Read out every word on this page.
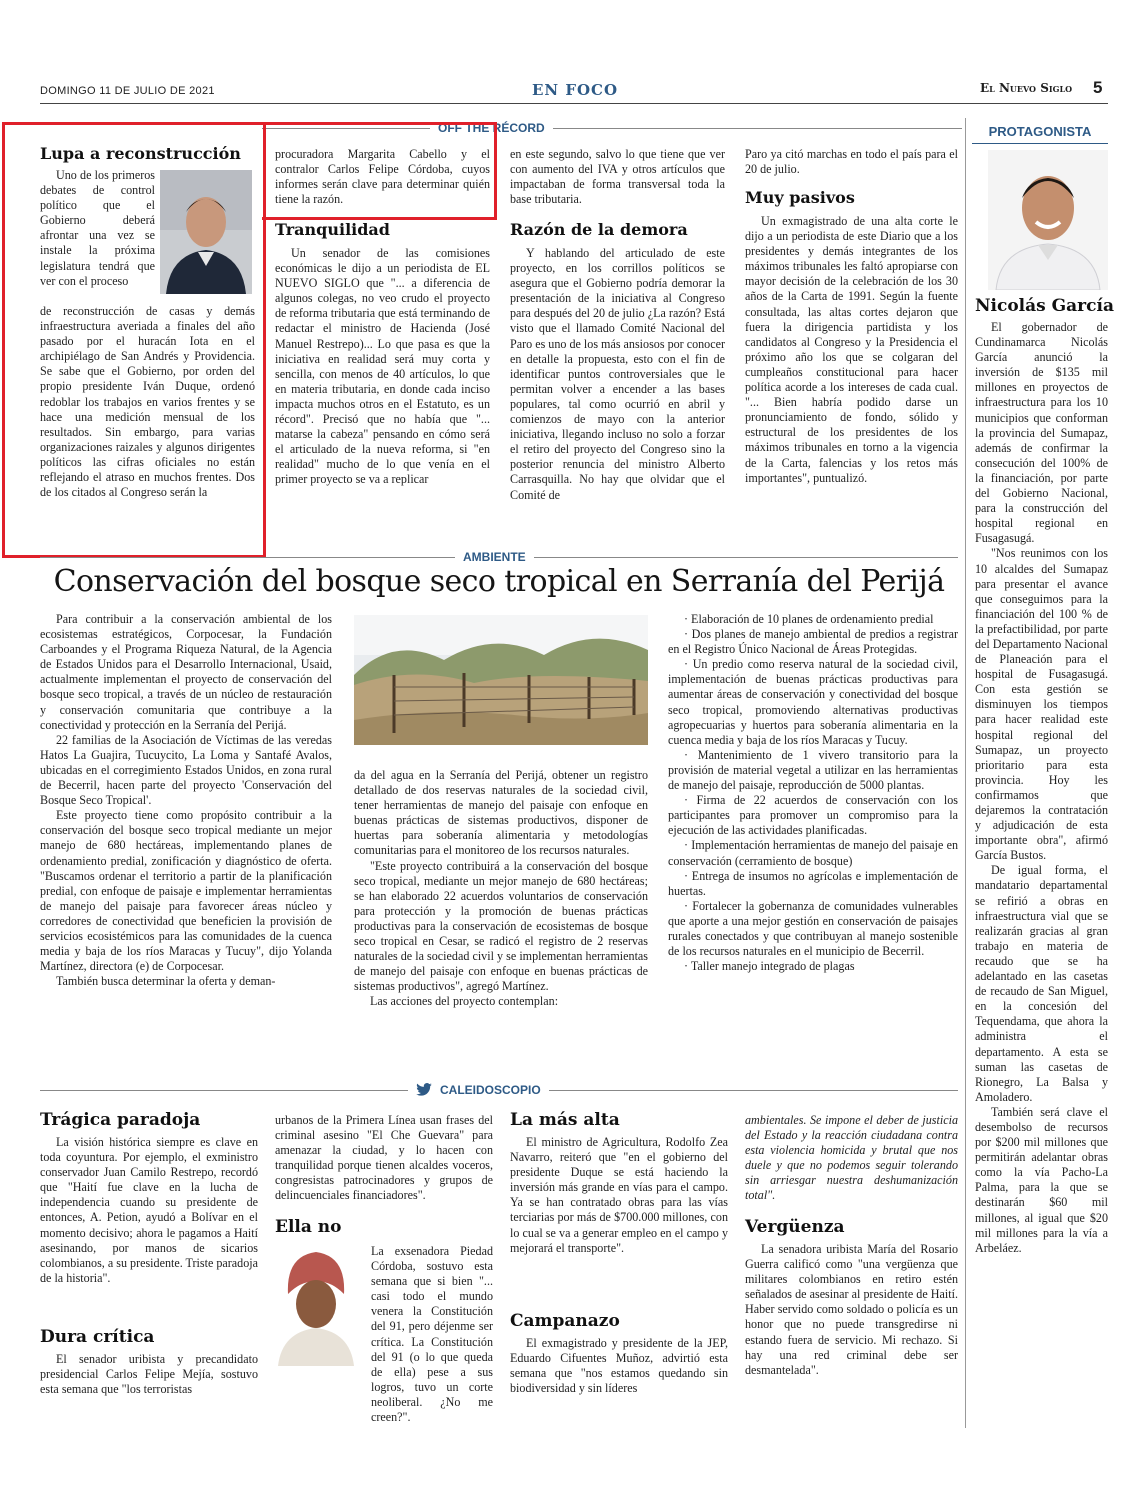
DOMINGO 11 DE JULIO DE 2021	EN FOCO	El Nuevo Siglo 5
OFF THE RÉCORD
Lupa a reconstrucción

Uno de los primeros debates de control político que el Gobierno deberá afrontar una vez se instale la próxima legislatura tendrá que ver con el proceso

de reconstrucción de casas y demás infraestructura averiada a finales del año pasado por el huracán Iota en el archipiélago de San Andrés y Providencia. Se sabe que el Gobierno, por orden del propio presidente Iván Duque, ordenó redoblar los trabajos en varios frentes y se hace una medición mensual de los resultados. Sin embargo, para varias organizaciones raizales y algunos dirigentes políticos las cifras oficiales no están reflejando el atraso en muchos frentes. Dos de los citados al Congreso serán la

procuradora Margarita Cabello y el contralor Carlos Felipe Córdoba, cuyos informes serán clave para determinar quién tiene la razón.

Tranquilidad

Un senador de las comisiones económicas le dijo a un periodista de EL NUEVO SIGLO que "... a diferencia de algunos colegas, no veo crudo el proyecto de reforma tributaria que está terminando de redactar el ministro de Hacienda (José Manuel Restrepo)... Lo que pasa es que la iniciativa en realidad será muy corta y sencilla, con menos de 40 artículos, lo que en materia tributaria, en donde cada inciso impacta muchos otros en el Estatuto, es un récord". Precisó que no había que "... matarse la cabeza" pensando en cómo será el articulado de la nueva reforma, si "en realidad" mucho de lo que venía en el primer proyecto se va a replicar

en este segundo, salvo lo que tiene que ver con aumento del IVA y otros artículos que impactaban de forma transversal toda la base tributaria.

Razón de la demora

Y hablando del articulado de este proyecto, en los corrillos políticos se asegura que el Gobierno podría demorar la presentación de la iniciativa al Congreso para después del 20 de julio ¿La razón? Está visto que el llamado Comité Nacional del Paro es uno de los más ansiosos por conocer en detalle la propuesta, esto con el fin de identificar puntos controversiales que le permitan volver a encender a las bases populares, tal como ocurrió en abril y comienzos de mayo con la anterior iniciativa, llegando incluso no solo a forzar el retiro del proyecto del Congreso sino la posterior renuncia del ministro Alberto Carrasquilla. No hay que olvidar que el Comité de

Paro ya citó marchas en todo el país para el 20 de julio.

Muy pasivos

Un exmagistrado de una alta corte le dijo a un periodista de este Diario que a los presidentes y demás integrantes de los máximos tribunales les faltó apropiarse con mayor decisión de la celebración de los 30 años de la Carta de 1991. Según la fuente consultada, las altas cortes dejaron que fuera la dirigencia partidista y los candidatos al Congreso y la Presidencia el próximo año los que se colgaran del cumpleaños constitucional para hacer política acorde a los intereses de cada cual. "... Bien habría podido darse un pronunciamiento de fondo, sólido y estructural de los presidentes de los máximos tribunales en torno a la vigencia de la Carta, falencias y los retos más importantes", puntualizó.

PROTAGONISTA
Nicolás García

El gobernador de Cundinamarca Nicolás García anunció la inversión de $135 mil millones en proyectos de infraestructura para los 10 municipios que conforman la provincia del Sumapaz, además de confirmar la consecución del 100% de la financiación, por parte del Gobierno Nacional, para la construcción del hospital regional en Fusagasugá.

"Nos reunimos con los 10 alcaldes del Sumapaz para presentar el avance que conseguimos para la financiación del 100 % de la prefactibilidad, por parte del Departamento Nacional de Planeación para el hospital de Fusagasugá. Con esta gestión se disminuyen los tiempos para hacer realidad este hospital regional del Sumapaz, un proyecto prioritario para esta provincia. Hoy les confirmamos que dejaremos la contratación y adjudicación de esta importante obra", afirmó García Bustos.

De igual forma, el mandatario departamental se refirió a obras en infraestructura vial que se realizarán gracias al gran trabajo en materia de recaudo que se ha adelantado en las casetas de recaudo de San Miguel, en la concesión del Tequendama, que ahora la administra el departamento. A esta se suman las casetas de Rionegro, La Balsa y Amoladero.

También será clave el desembolso de recursos por $200 mil millones que permitirán adelantar obras como la vía Pacho-La Palma, para la que se destinarán $60 mil millones, al igual que $20 mil millones para la vía a Arbeláez.

AMBIENTE
Conservación del bosque seco tropical en Serranía del Perijá

Para contribuir a la conservación ambiental de los ecosistemas estratégicos, Corpocesar, la Fundación Carboandes y el Programa Riqueza Natural, de la Agencia de Estados Unidos para el Desarrollo Internacional, Usaid, actualmente implementan el proyecto de conservación del bosque seco tropical, a través de un núcleo de restauración y conservación comunitaria que contribuye a la conectividad y protección en la Serranía del Perijá.

22 familias de la Asociación de Víctimas de las veredas Hatos La Guajira, Tucuycito, La Loma y Santafé Avalos, ubicadas en el corregimiento Estados Unidos, en zona rural de Becerril, hacen parte del proyecto 'Conservación del Bosque Seco Tropical'.

Este proyecto tiene como propósito contribuir a la conservación del bosque seco tropical mediante un mejor manejo de 680 hectáreas, implementando planes de ordenamiento predial, zonificación y diagnóstico de oferta. "Buscamos ordenar el territorio a partir de la planificación predial, con enfoque de paisaje e implementar herramientas de manejo del paisaje para favorecer áreas núcleo y corredores de conectividad que beneficien la provisión de servicios ecosistémicos para las comunidades de la cuenca media y baja de los ríos Maracas y Tucuy", dijo Yolanda Martínez, directora (e) de Corpocesar.

También busca determinar la oferta y deman-

da del agua en la Serranía del Perijá, obtener un registro detallado de dos reservas naturales de la sociedad civil, tener herramientas de manejo del paisaje con enfoque en buenas prácticas de sistemas productivos, disponer de huertas para soberanía alimentaria y metodologías comunitarias para el monitoreo de los recursos naturales.

"Este proyecto contribuirá a la conservación del bosque seco tropical, mediante un mejor manejo de 680 hectáreas; se han elaborado 22 acuerdos voluntarios de conservación para protección y la promoción de buenas prácticas productivas para la conservación de ecosistemas de bosque seco tropical en Cesar, se radicó el registro de 2 reservas naturales de la sociedad civil y se implementan herramientas de manejo del paisaje con enfoque en buenas prácticas de sistemas productivos", agregó Martínez.

Las acciones del proyecto contemplan:

· Elaboración de 10 planes de ordenamiento predial

· Dos planes de manejo ambiental de predios a registrar en el Registro Único Nacional de Áreas Protegidas.

· Un predio como reserva natural de la sociedad civil, implementación de buenas prácticas productivas para aumentar áreas de conservación y conectividad del bosque seco tropical, promoviendo alternativas productivas agropecuarias y huertos para soberanía alimentaria en la cuenca media y baja de los ríos Maracas y Tucuy.

· Mantenimiento de 1 vivero transitorio para la provisión de material vegetal a utilizar en las herramientas de manejo del paisaje, reproducción de 5000 plantas.

· Firma de 22 acuerdos de conservación con los participantes para promover un compromiso para la ejecución de las actividades planificadas.

· Implementación herramientas de manejo del paisaje en conservación (cerramiento de bosque)

· Entrega de insumos no agrícolas e implementación de huertas.

· Fortalecer la gobernanza de comunidades vulnerables que aporte a una mejor gestión en conservación de paisajes rurales conectados y que contribuyan al manejo sostenible de los recursos naturales en el municipio de Becerril.

· Taller manejo integrado de plagas

CALEIDOSCOPIO
Trágica paradoja

La visión histórica siempre es clave en toda coyuntura. Por ejemplo, el exministro conservador Juan Camilo Restrepo, recordó que "Haití fue clave en la lucha de independencia cuando su presidente de entonces, A. Petion, ayudó a Bolívar en el momento decisivo; ahora le pagamos a Haití asesinando, por manos de sicarios colombianos, a su presidente. Triste paradoja de la historia".

Dura crítica

El senador uribista y precandidato presidencial Carlos Felipe Mejía, sostuvo esta semana que "los terroristas

urbanos de la Primera Línea usan frases del criminal asesino "El Che Guevara" para amenazar la ciudad, y lo hacen con tranquilidad porque tienen alcaldes voceros, congresistas patrocinadores y grupos de delincuenciales financiadores".

Ella no

La exsenadora Piedad Córdoba, sostuvo esta semana que si bien "... casi todo el mundo venera la Constitución del 91, pero déjenme ser crítica. La Constitución del 91 (o lo que queda de ella) pese a sus logros, tuvo un corte neoliberal. ¿No me creen?".

La más alta

El ministro de Agricultura, Rodolfo Zea Navarro, reiteró que "en el gobierno del presidente Duque se está haciendo la inversión más grande en vías para el campo. Ya se han contratado obras para las vías terciarias por más de $700.000 millones, con lo cual se va a generar empleo en el campo y mejorará el transporte".

Campanazo

El exmagistrado y presidente de la JEP, Eduardo Cifuentes Muñoz, advirtió esta semana que "nos estamos quedando sin biodiversidad y sin líderes

ambientales. Se impone el deber de justicia del Estado y la reacción ciudadana contra esta violencia homicida y brutal que nos duele y que no podemos seguir tolerando sin arriesgar nuestra deshumanización total".

Vergüenza

La senadora uribista María del Rosario Guerra calificó como "una vergüenza que militares colombianos en retiro estén señalados de asesinar al presidente de Haití. Haber servido como soldado o policía es un honor que no puede transgredirse ni estando fuera de servicio. Mi rechazo. Si hay una red criminal debe ser desmantelada".
